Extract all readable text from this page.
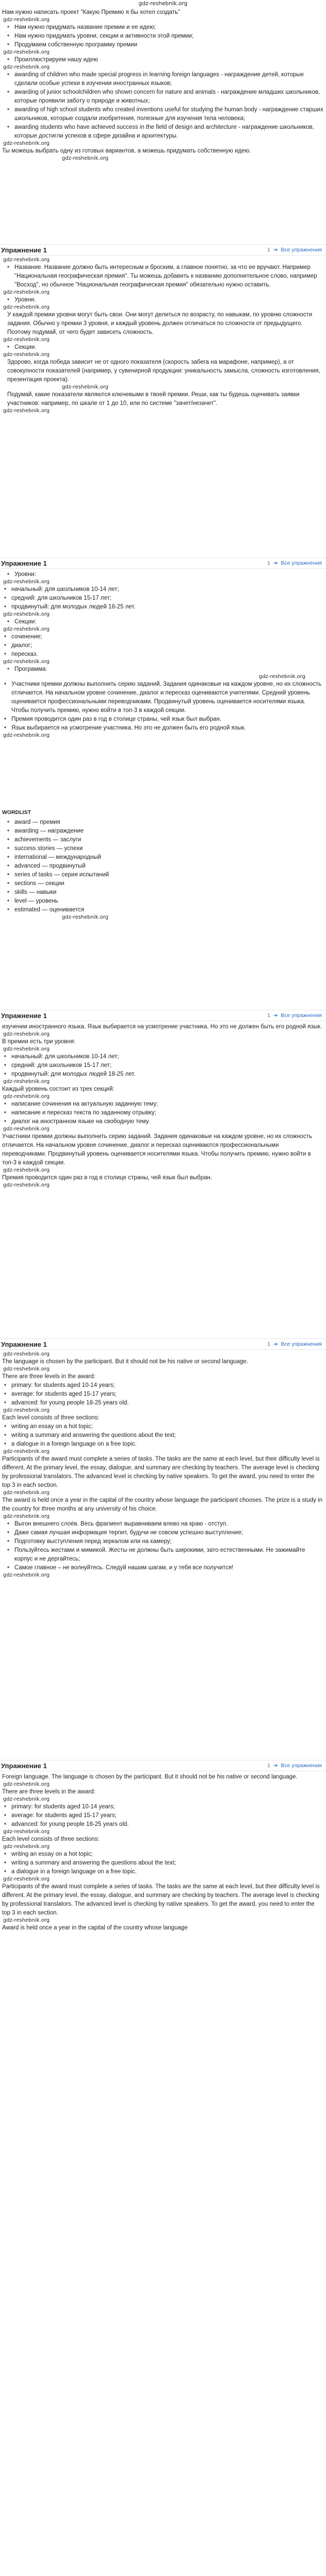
gdz-reshebnik.org

Нам нужно написать проект "Какую Премию я бы хотел создать"

gdz-reshebnik.org
• Нам нужно придумать название премии и ее идею;
• Нам нужно придумать уровни, секции и активности этой премии;
• Продумаем собственную программу премии
gdz-reshebnik.org
• Проиллюстрируем нашу идею
gdz-reshebnik.org
• awarding of children who made special progress in learning foreign languages - награждение детей, которые сделали особые успехи в изучении иностранных языков;
• awarding of junior schoolchildren who shown concern for nature and animals - награждение младших школьников, которые проявили заботу о природе и животных;
• awarding of high school students who created inventions useful for studying the human body - награждение старших школьников, которые создали изобретения, полезные для изучения тела человека;
• awarding students who have achieved success in the field of design and architecture - награждение школьников, которые достигли успехов в сфере дизайна и архитектуры.
gdz-reshebnik.org

Ты можешь выбрать одну из готовых вариантов, а можешь придумать собственную идею.

gdz-reshebnik.org
Упражнение 1	1 ➔ Все упражнения
gdz-reshebnik.org
• Название. Название должно быть интересным и броским, а главное понятно, за что ее вручают. Например "Национальная географическая премия". Ты можешь добавить к названию дополнительное слово, например "Восход", но обычное "Национальная географическая премия" обязательно нужно оставить.
gdz-reshebnik.org
• Уровни.
gdz-reshebnik.org

У каждой премии уровни могут быть свои. Они могут делиться по возрасту, по навыкам, по уровню сложности задания. Обычно у премии 3 уровня, и каждый уровень должен отличаться по сложности от предыдущего. Поэтому подумай, от чего будет зависеть сложность.

gdz-reshebnik.org
• Секции.
gdz-reshebnik.org

Здорово, когда победа зависит не от одного показателя (скорость забега на марафоне, например), а от совокупности показателей (например, у сувенирной продукции: уникальность замысла, сложность изготовления, презентация проекта).

gdz-reshebnik.org

Подумай, какие показатели являются ключевыми в твоей премии. Реши, как ты будешь оценивать заявки участников: например, по шкале от 1 до 10, или по системе "зачет/незачет".

gdz-reshebnik.org
Упражнение 1	1 ➔ Все упражнения
• Уровни:
gdz-reshebnik.org
• начальный: для школьников 10-14 лет;
• средний: для школьников 15-17 лет;
• продвинутый: для молодых людей 18-25 лет.
gdz-reshebnik.org
• Секции:
gdz-reshebnik.org
• сочинение;
• диалог;
• пересказ.
gdz-reshebnik.org
• Программа:
gdz-reshebnik.org
• Участники премии должны выполнить серию заданий. Задания одинаковые на каждом уровне, но их сложность отличается. На начальном уровне сочинение, диалог и пересказ оцениваются учителями. Средний уровень оценивается профессиональными переводчиками. Продвинутый уровень оценивается носителями языка. Чтобы получить премию, нужно войти в топ-3 в каждой секции.
• Премия проводится один раз в год в столице страны, чей язык был выбран.
• Язык выбирается на усмотрение участника. Но это не должен быть его родной язык.
gdz-reshebnik.org
WORDLIST
• award — премия
• awarding — награждение
• achievements — заслуги
• success stories — успехи
• international — международный
• advanced — продвинутый
• series of tasks — серия испытаний
• sections — секции
• skills — навыки
• level — уровень
• estimated — оценивается
gdz-reshebnik.org
Упражнение 1	1 ➔ Все упражнения

изучении иностранного языка. Язык выбирается на усмотрение участника. Но это не должен быть его родной язык.

gdz-reshebnik.org

В премии есть три уровня:

gdz-reshebnik.org
• начальный: для школьников 10-14 лет;
• средний: для школьников 15-17 лет;
• продвинутый: для молодых людей 18-25 лет.
gdz-reshebnik.org

Каждый уровень состоит из трех секций:

gdz-reshebnik.org
• написание сочинения на актуальную заданную тему;
• написание и пересказ текста по заданному отрывку;
• диалог на иностранном языке на свободную тему.
gdz-reshebnik.org

Участники премии должны выполнить серию заданий. Задания одинаковые на каждом уровне, но их сложность отличается. На начальном уровне сочинение, диалог и пересказ оцениваются профессиональными переводчиками. Продвинутый уровень оценивается носителями языка. Чтобы получить премию, нужно войти в топ-3 в каждой секции.

gdz-reshebnik.org

Премия проводится один раз в год в столице страны, чей язык был выбран.

gdz-reshebnik.org
Упражнение 1	1 ➔ Все упражнения
gdz-reshebnik.org

The language is chosen by the participant. But it should not be his native or second language.

gdz-reshebnik.org

There are three levels in the award:

• primary: for students aged 10-14 years;
• average: for students aged 15-17 years;
• advanced: for young people 18-25 years old.
gdz-reshebnik.org

Each level consists of three sections:

• writing an essay on a hot topic;
• writing a summary and answering the questions about the text;
• a dialogue in a foreign language on a free topic.
gdz-reshebnik.org

Participants of the award must complete a series of tasks. The tasks are the same at each level, but their difficulty level is different. At the primary level, the essay, dialogue, and summary are checking by teachers. The average level is checking by professional translators. The advanced level is checking by native speakers. To get the award, you need to enter the top 3 in each section.

gdz-reshebnik.org

The award is held once a year in the capital of the country whose language the participant chooses. The prize is a study in the country for three months at any university of his choice.

gdz-reshebnik.org
• Выгон внешнего слоёв. Весь фрагмент выравниваем влево на краю - отступ.
• Даже самая лучшая информация терпит, будучи не совсем успешно выступление;
• Подготовку выступления перед зеркалом или на камеру;
• Пользуйтесь жестами и мимикой. Жесты не должны быть широкими, зато естественными. Не зажимайте корпус и не дергайтесь;
• Самое главное – не волнуйтесь. Следуй нашим шагам, и у тебя все получится!
gdz-reshebnik.org
Упражнение 1	1 ➔ Все упражнения

Foreign language. The language is chosen by the participant. But it should not be his native or second language.

gdz-reshebnik.org

There are three levels in the award:

gdz-reshebnik.org
• primary: for students aged 10-14 years;
• average: for students aged 15-17 years;
• advanced: for young people 18-25 years old.
gdz-reshebnik.org

Each level consists of three sections:

gdz-reshebnik.org
• writing an essay on a hot topic;
• writing a summary and answering the questions about the text;
• a dialogue in a foreign language on a free topic.
gdz-reshebnik.org

Participants of the award must complete a series of tasks. The tasks are the same at each level, but their difficulty level is different. At the primary level, the essay, dialogue, and summary are checking by teachers. The average level is checking by professional translators. The advanced level is checking by native speakers. To get the award, you need to enter the top 3 in each section.

gdz-reshebnik.org

Award is held once a year in the capital of the country whose language
